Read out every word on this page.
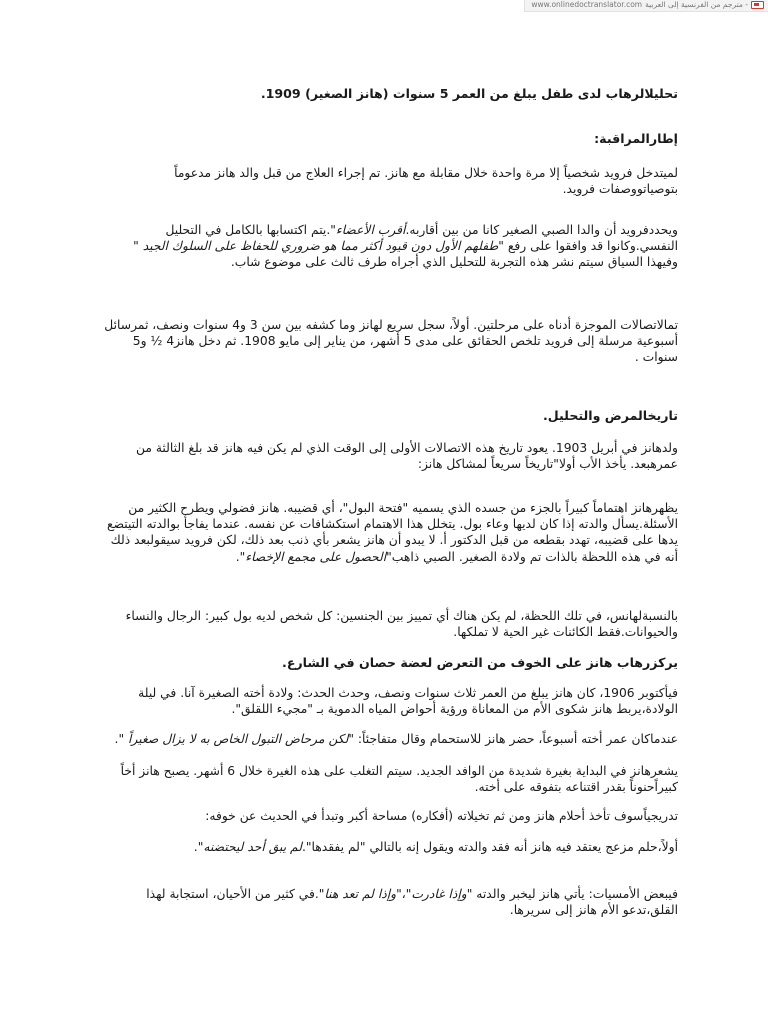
www.onlinedoctranslator.com مترجم من الفرنسية إلى العربية -
تحليلالرهاب لدى طفل يبلغ من العمر 5 سنوات (هانز الصغير) 1909.
إطارالمراقبة:

لميتدخل فرويد شخصياً إلا مرة واحدة خلال مقابلة مع هانز. تم إجراء العلاج من قبل والد هانز مدعوماً بتوصياتووصفات فرويد.

ويحددفرويد أن والدا الصبي الصغير كانا من بين أقاربه.أقرب الأعضاء".يتم اكتسابها بالكامل في التحليل النفسي.وكانوا قد وافقوا على رفع "طفلهم الأول دون قيود أكثر مما هو ضروري للحفاظ على السلوك الجيد " وفيهذا السياق سيتم نشر هذه التجربة للتحليل الذي أجراه طرف ثالث على موضوع شاب.

تمالاتصالات الموجزة أدناه على مرحلتين. أولاً، سجل سريع لهانز وما كشفه بين سن 3 و4 سنوات ونصف، ثمرسائل أسبوعية مرسلة إلى فرويد تلخص الحقائق على مدى 5 أشهر، من يناير إلى مايو 1908. ثم دخل هانز4 ½ و5 سنوات .

تاريخالمرض والتحليل.

ولدهانز في أبريل 1903. يعود تاريخ هذه الاتصالات الأولى إلى الوقت الذي لم يكن فيه هانز قد بلغ الثالثة من عمرهبعد. يأخذ الأب أولا"تاريخاً سريعاً لمشاكل هانز:

يظهرهانز اهتماماً كبيراً بالجزء من جسده الذي يسميه "فتحة البول"، أي قضيبه. هانز فضولي ويطرح الكثير من الأسئلة.يسأل والدته إذا كان لديها وعاء بول. يتخلل هذا الاهتمام استكشافات عن نفسه. عندما يفاجأ بوالدته التيتضع يدها على قضيبه، تهدد بقطعه من قبل الدكتور أ. لا يبدو أن هانز يشعر بأي ذنب بعد ذلك، لكن فرويد سيقولبعد ذلك أنه في هذه اللحظة بالذات تم ولادة الصغير. الصبي ذاهب"الحصول على مجمع الإخصاء".

بالنسبةلهانس، في تلك اللحظة، لم يكن هناك أي تمييز بين الجنسين: كل شخص لديه بول كبير: الرجال والنساء والحيوانات.فقط الكائنات غير الحية لا تملكها.

يركزرهاب هانز على الخوف من التعرض لعضة حصان في الشارع.

فيأكتوبر 1906، كان هانز يبلغ من العمر ثلاث سنوات ونصف، وحدث الحدث: ولادة أخته الصغيرة آنا. في ليلة الولادة،يربط هانز شكوى الأم من المعاناة ورؤية أحواض المياه الدموية بـ "مجيء اللقلق".

عندماكان عمر أخته أسبوعاً، حضر هانز للاستحمام وقال متفاجئاً: "لكن مرحاض التبول الخاص به لا يزال صغيراً ".

يشعرهانز في البداية بغيرة شديدة من الوافد الجديد. سيتم التغلب على هذه الغيرة خلال 6 أشهر. يصبح هانز أخاً كبيراًحنوناً بقدر اقتناعه بتفوقه على أخته.

تدريجياًسوف تأخذ أحلام هانز ومن ثم تخيلاته (أفكاره) مساحة أكبر وتبدأ في الحديث عن خوفه:

أولاً،حلم مزعج يعتقد فيه هانز أنه فقد والدته ويقول إنه بالتالي "لم يفقدها".لم يبق أحد ليحتضنه".

فيبعض الأمسيات: يأتي هانز ليخبر والدته "وإذا غادرت"،"وإذا لم تعد هنا".في كثير من الأحيان، استجابة لهذا القلق،تدعو الأم هانز إلى سريرها.
